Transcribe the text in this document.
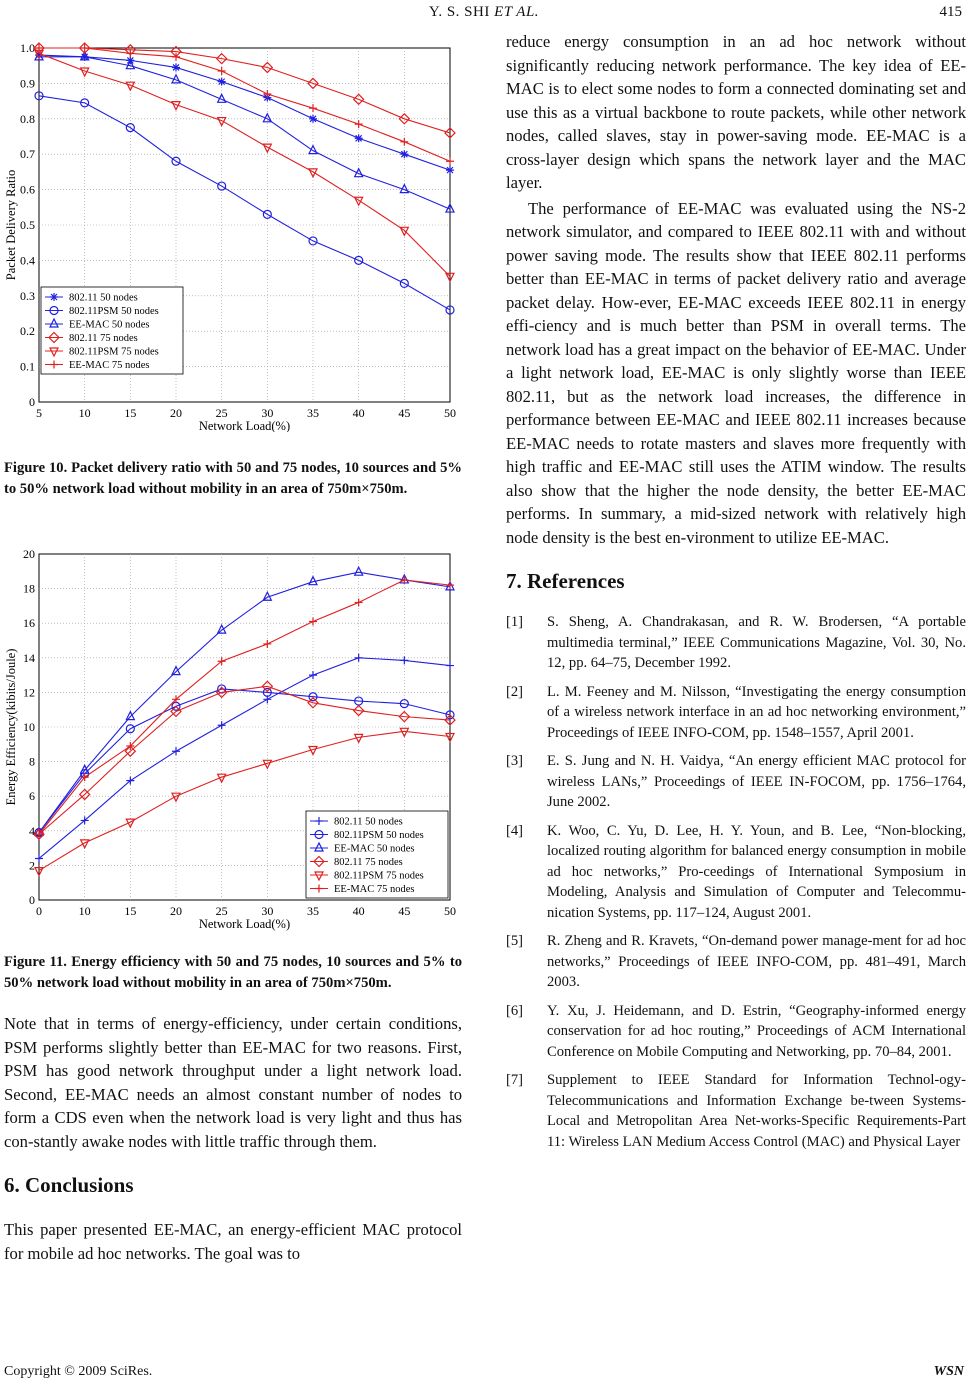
Y. S. SHI ET AL.	415
0
0.1
0.2
0.3
0.4
0.5
0.6
0.7
0.8
0.9
1.0
5	10	15	20	25	30	35	40	45	50
Network Load(%)
Packet Delivery Ratio
802.11 50 nodes
802.11PSM 50 nodes
EE-MAC 50 nodes
802.11 75 nodes
802.11PSM 75 nodes
EE-MAC 75 nodes
Figure 10. Packet delivery ratio with 50 and 75 nodes, 10 sources and 5% to 50% network load without mobility in an area of 750m×750m.
0
2
4
6
8
10
12
14
16
18
20
0	10	15	20	25	30	35	40	45	50
Network Load(%)
Energy Efficiency(kibits/Joule)
802.11 50 nodes
802.11PSM 50 nodes
EE-MAC 50 nodes
802.11 75 nodes
802.11PSM 75 nodes
EE-MAC 75 nodes
Figure 11. Energy efficiency with 50 and 75 nodes, 10 sources and 5% to 50% network load without mobility in an area of 750m×750m.

Note that in terms of energy-efficiency, under certain conditions, PSM performs slightly better than EE-MAC for two reasons. First, PSM has good network throughput under a light network load. Second, EE-MAC needs an almost constant number of nodes to form a CDS even when the network load is very light and thus has con-stantly awake nodes with little traffic through them.

6. Conclusions

This paper presented EE-MAC, an energy-efficient MAC protocol for mobile ad hoc networks. The goal was to

reduce energy consumption in an ad hoc network without significantly reducing network performance. The key idea of EE-MAC is to elect some nodes to form a connected dominating set and use this as a virtual backbone to route packets, while other network nodes, called slaves, stay in power-saving mode. EE-MAC is a cross-layer design which spans the network layer and the MAC layer.

The performance of EE-MAC was evaluated using the NS-2 network simulator, and compared to IEEE 802.11 with and without power saving mode. The results show that IEEE 802.11 performs better than EE-MAC in terms of packet delivery ratio and average packet delay. How-ever, EE-MAC exceeds IEEE 802.11 in energy effi-ciency and is much better than PSM in overall terms. The network load has a great impact on the behavior of EE-MAC. Under a light network load, EE-MAC is only slightly worse than IEEE 802.11, but as the network load increases, the difference in performance between EE-MAC and IEEE 802.11 increases because EE-MAC needs to rotate masters and slaves more frequently with high traffic and EE-MAC still uses the ATIM window. The results also show that the higher the node density, the better EE-MAC performs. In summary, a mid-sized network with relatively high node density is the best en-vironment to utilize EE-MAC.

7. References
[1]	S. Sheng, A. Chandrakasan, and R. W. Brodersen, “A portable multimedia terminal,” IEEE Communications Magazine, Vol. 30, No. 12, pp. 64–75, December 1992.
[2]	L. M. Feeney and M. Nilsson, “Investigating the energy consumption of a wireless network interface in an ad hoc networking environment,” Proceedings of IEEE INFO-COM, pp. 1548–1557, April 2001.
[3]	E. S. Jung and N. H. Vaidya, “An energy efficient MAC protocol for wireless LANs,” Proceedings of IEEE IN-FOCOM, pp. 1756–1764, June 2002.
[4]	K. Woo, C. Yu, D. Lee, H. Y. Youn, and B. Lee, “Non-blocking, localized routing algorithm for balanced energy consumption in mobile ad hoc networks,” Pro-ceedings of International Symposium in Modeling, Analysis and Simulation of Computer and Telecommu-nication Systems, pp. 117–124, August 2001.
[5]	R. Zheng and R. Kravets, “On-demand power manage-ment for ad hoc networks,” Proceedings of IEEE INFO-COM, pp. 481–491, March 2003.
[6]	Y. Xu, J. Heidemann, and D. Estrin, “Geography-informed energy conservation for ad hoc routing,” Proceedings of ACM International Conference on Mobile Computing and Networking, pp. 70–84, 2001.
[7]	Supplement to IEEE Standard for Information Technol-ogy-Telecommunications and Information Exchange be-tween Systems-Local and Metropolitan Area Net-works-Specific Requirements-Part 11: Wireless LAN Medium Access Control (MAC) and Physical Layer
Copyright © 2009 SciRes.	WSN
